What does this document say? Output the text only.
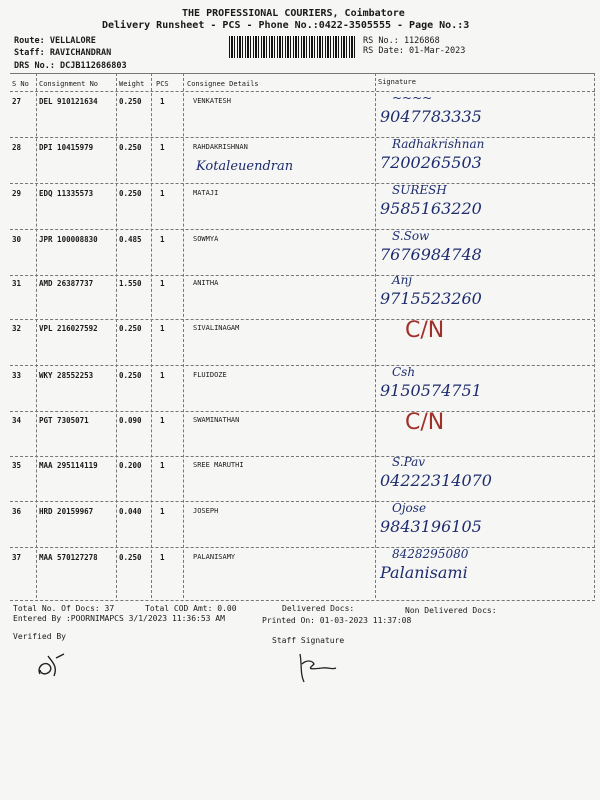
THE PROFESSIONAL COURIERS, Coimbatore
Delivery Runsheet - PCS - Phone No.:0422-3505555 - Page No.:3
Route: VELLALORE
Staff: RAVICHANDRAN
DRS No.: DCJB112686803
RS No.: 1126868
RS Date: 01-Mar-2023
S No Consignment No	Weight PCS	Consignee Details	Signature
27 DEL 910121634	0.250 1	VENKATESH	~~~~
9047783335
28 DPI 10415979	0.250 1	RAHDAKRISHNAN	Radhakrishnan
7200265503
Kotaleuendran
29 EDQ 11335573	0.250 1	MATAJI	SURESH
9585163220
30 JPR 100008830	0.485 1	SOWMYA	S.Sow
7676984748
31 AMD 26387737	1.550 1	ANITHA	Anj
9715523260
32 VPL 216027592	0.250 1	SIVALINAGAM	C/N
33 WKY 28552253	0.250 1	FLUIDOZE	Csh
9150574751
34 PGT 7305071	0.090 1	SWAMINATHAN	C/N
35 MAA 295114119	0.200 1	SREE MARUTHI	S.Pav
04222314070
36 HRD 20159967	0.040 1	JOSEPH	Ojose
9843196105
37 MAA 570127278	0.250 1	PALANISAMY	8428295080
Palanisami
Total No. Of Docs: 37	Total COD Amt: 0.00	Delivered Docs:	Non Delivered Docs:
Entered By :POORNIMAPCS 3/1/2023 11:36:53 AM	Printed On: 01-03-2023 11:37:08
Verified By	Staff Signature
